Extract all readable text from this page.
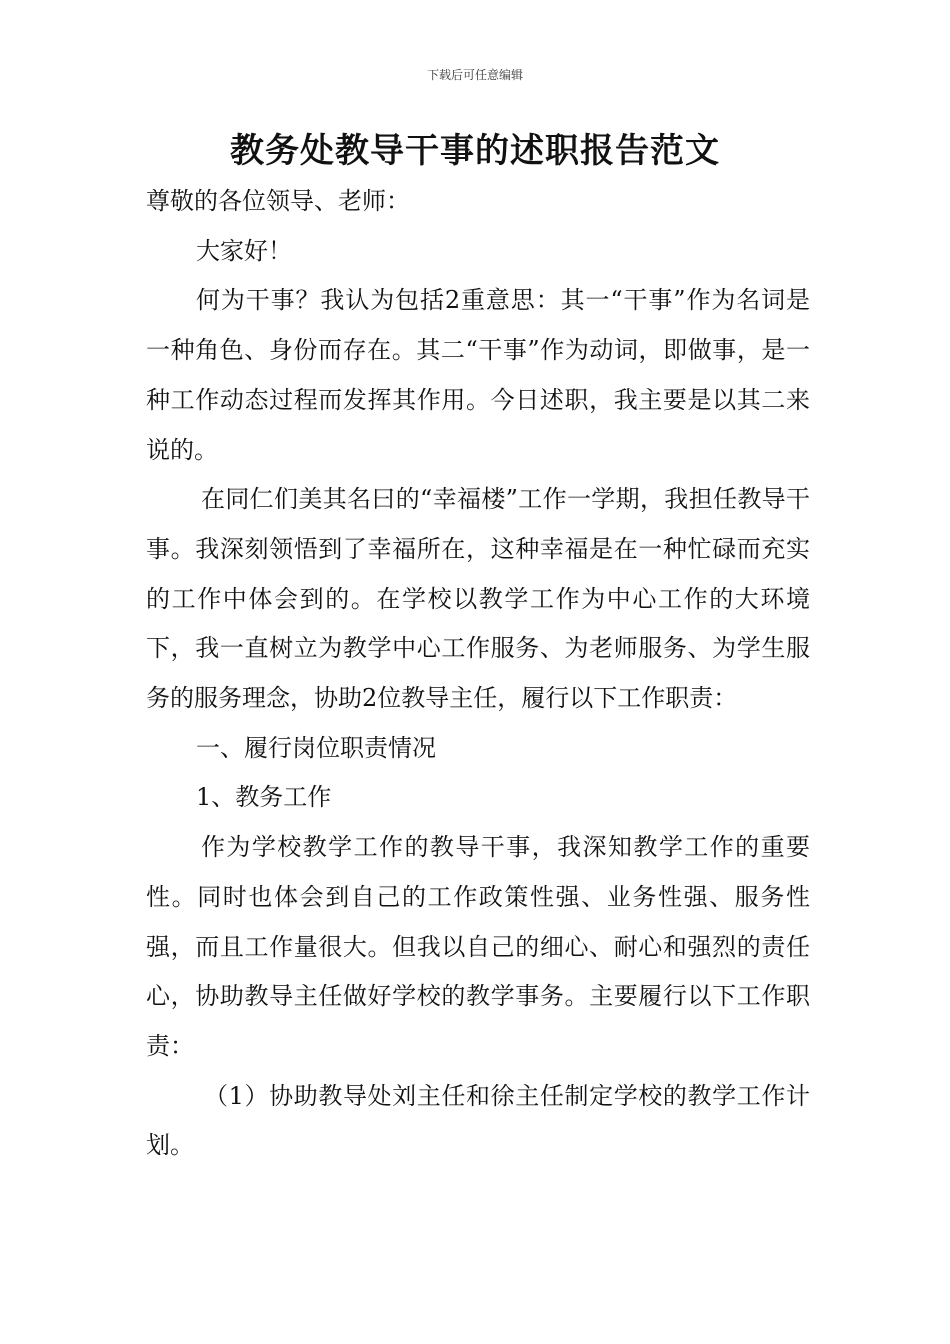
下载后可任意编辑
教务处教导干事的述职报告范文

尊敬的各位领导、老师：

大家好！

何为干事？我认为包括2重意思：其一“干事”作为名词是一种角色、身份而存在。其二“干事”作为动词，即做事，是一种工作动态过程而发挥其作用。今日述职，我主要是以其二来说的。

在同仁们美其名曰的“幸福楼”工作一学期，我担任教导干事。我深刻领悟到了幸福所在，这种幸福是在一种忙碌而充实的工作中体会到的。在学校以教学工作为中心工作的大环境下，我一直树立为教学中心工作服务、为老师服务、为学生服务的服务理念，协助2位教导主任，履行以下工作职责：

一、履行岗位职责情况

1、教务工作

作为学校教学工作的教导干事，我深知教学工作的重要性。同时也体会到自己的工作政策性强、业务性强、服务性强，而且工作量很大。但我以自己的细心、耐心和强烈的责任心，协助教导主任做好学校的教学事务。主要履行以下工作职责：

（1）协助教导处刘主任和徐主任制定学校的教学工作计划。
